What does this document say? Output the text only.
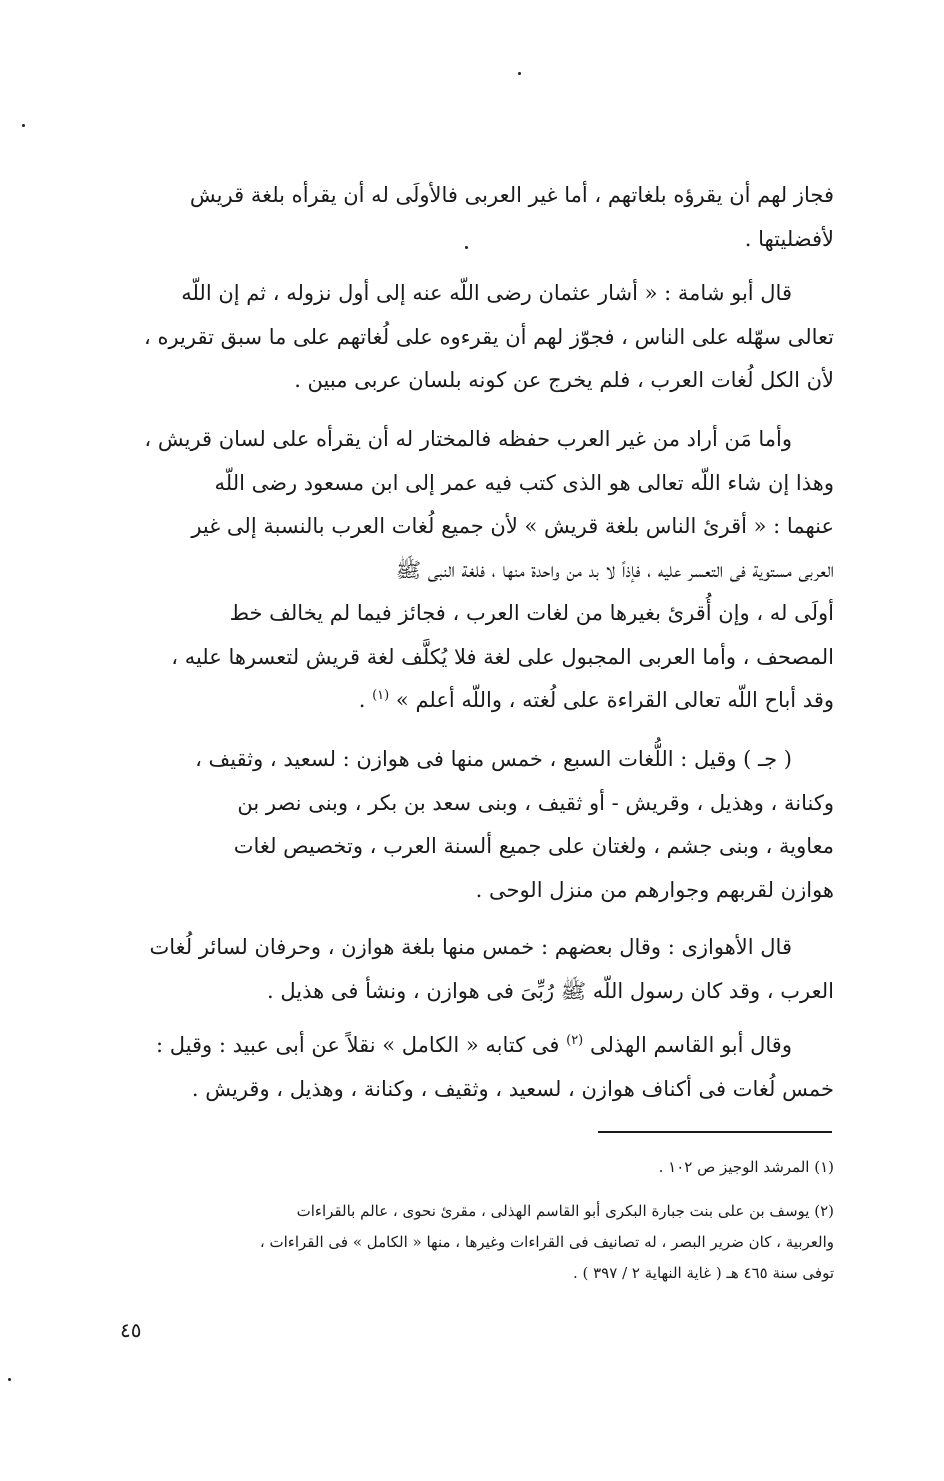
فجاز لهم أن يقرؤه بلغاتهم ، أما غير العربى فالأولَى له أن يقرأه بلغة قريش
لأفضليتها .

قال أبو شامة : « أشار عثمان رضى اللّه عنه إلى أول نزوله ، ثم إن اللّه
تعالى سهّله على الناس ، فجوّز لهم أن يقرءوه على لُغاتهم على ما سبق تقريره ،
لأن الكل لُغات العرب ، فلم يخرج عن كونه بلسان عربى مبين .

وأما مَن أراد من غير العرب حفظه فالمختار له أن يقرأه على لسان قريش ،
وهذا إن شاء اللّه تعالى هو الذى كتب فيه عمر إلى ابن مسعود رضى اللّه
عنهما : « أقرئ الناس بلغة قريش » لأن جميع لُغات العرب بالنسبة إلى غير
العربى مستوية فى التعسر عليه ، فإذاً لا بد من واحدة منها ، فلغة النبى ﷺ
أولَى له ، وإن أُقرئ بغيرها من لغات العرب ، فجائز فيما لم يخالف خط
المصحف ، وأما العربى المجبول على لغة فلا يُكلَّف لغة قريش لتعسرها عليه ،
وقد أباح اللّه تعالى القراءة على لُغته ، واللّه أعلم » $^{(١)}$ .

( جـ ) وقيل : اللُّغات السبع ، خمس منها فى هوازن : لسعيد ، وثقيف ،
وكنانة ، وهذيل ، وقريش - أو ثقيف ، وبنى سعد بن بكر ، وبنى نصر بن
معاوية ، وبنى جشم ، ولغتان على جميع ألسنة العرب ، وتخصيص لغات
هوازن لقربهم وجوارهم من منزل الوحى .

قال الأهوازى : وقال بعضهم : خمس منها بلغة هوازن ، وحرفان لسائر لُغات
العرب ، وقد كان رسول اللّه ﷺ رُبِّىَ فى هوازن ، ونشأ فى هذيل .

وقال أبو القاسم الهذلى $^{(٢)}$ فى كتابه « الكامل » نقلاً عن أبى عبيد : وقيل :
خمس لُغات فى أكناف هوازن ، لسعيد ، وثقيف ، وكنانة ، وهذيل ، وقريش .

(١) المرشد الوجيز ص ١٠٢ .

(٢) يوسف بن على بنت جبارة البكرى أبو القاسم الهذلى ، مقرئ نحوى ، عالم بالقراءات
والعربية ، كان ضرير البصر ، له تصانيف فى القراءات وغيرها ، منها « الكامل » فى القراءات ،
توفى سنة ٤٦٥ هـ ( غاية النهاية ٢ / ٣٩٧ ) .

٤٥
